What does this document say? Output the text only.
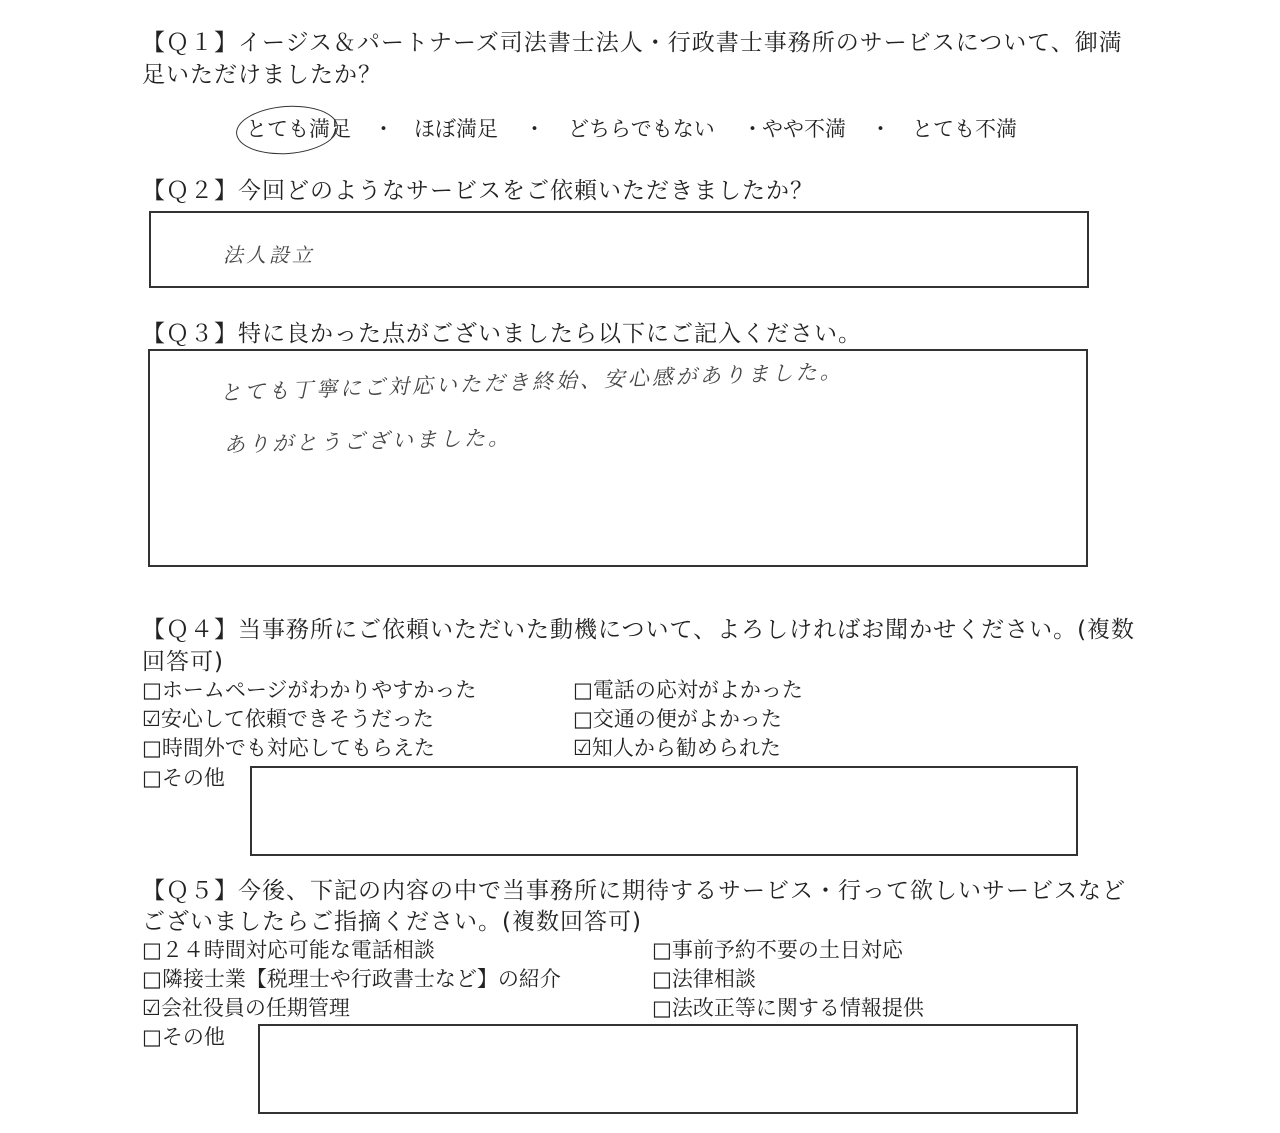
【Ｑ１】イージス＆パートナーズ司法書士法人・行政書士事務所のサービスについて、御満
足いただけましたか？
とても満足 ・ ほぼ満足 ・ どちらでもない ・ やや不満 ・ とても不満
【Ｑ２】今回どのようなサービスをご依頼いただきましたか？
法人設立
【Ｑ３】特に良かった点がございましたら以下にご記入ください。
とても丁寧にご対応いただき終始、安心感がありました。
ありがとうございました。
【Ｑ４】当事務所にご依頼いただいた動機について、よろしければお聞かせください。(複数
回答可)
□ホームページがわかりやすかった	□電話の応対がよかった
☑安心して依頼できそうだった	□交通の便がよかった
□時間外でも対応してもらえた	☑知人から勧められた
□その他
【Ｑ５】今後、下記の内容の中で当事務所に期待するサービス・行って欲しいサービスなど
ございましたらご指摘ください。(複数回答可)
□２４時間対応可能な電話相談	□事前予約不要の土日対応
□隣接士業【税理士や行政書士など】の紹介	□法律相談
☑会社役員の任期管理	□法改正等に関する情報提供
□その他
